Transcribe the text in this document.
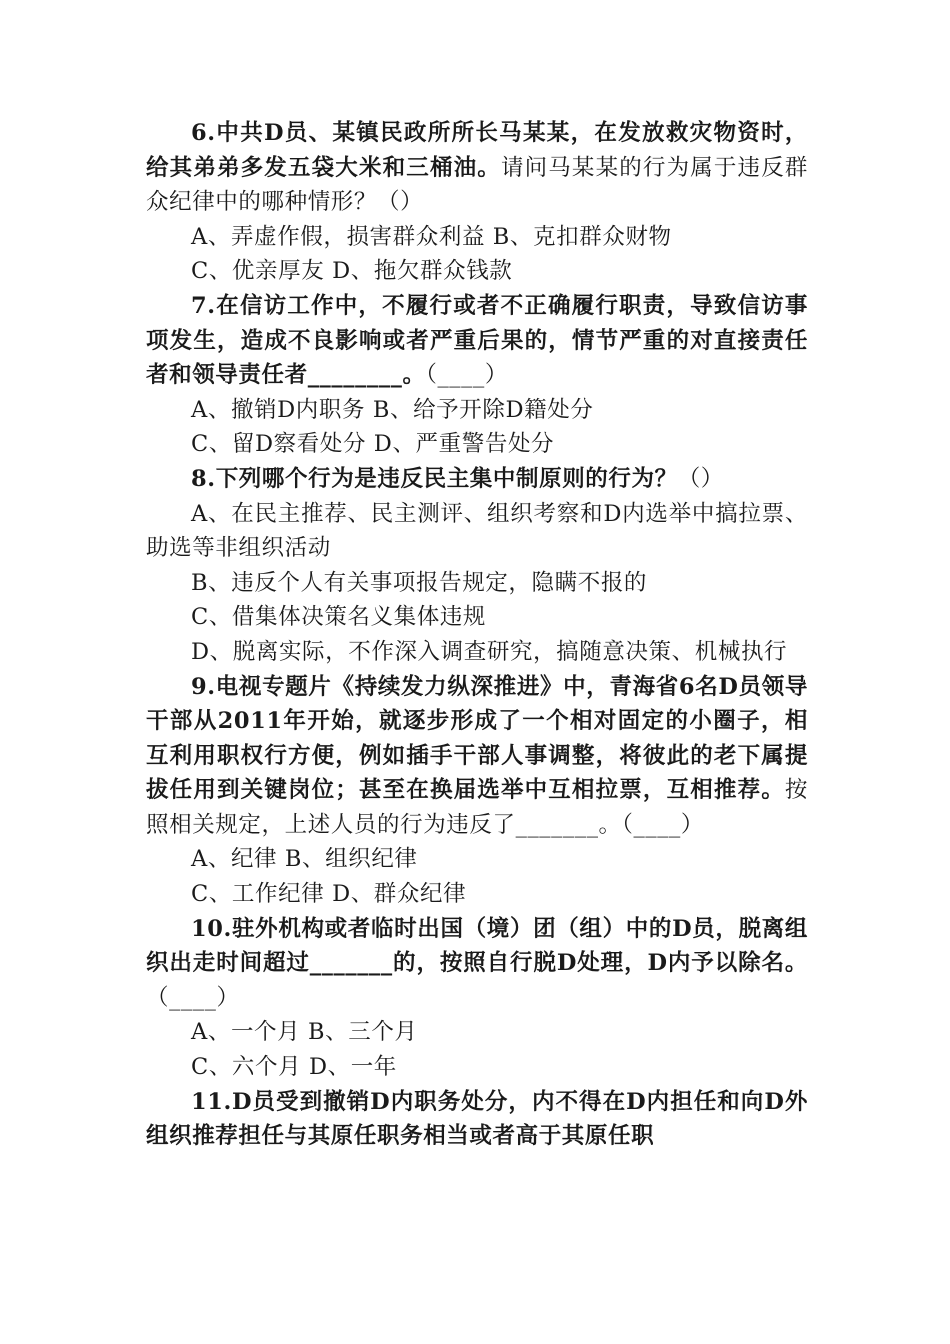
6.中共D员、某镇民政所所长马某某，在发放救灾物资时，给其弟弟多发五袋大米和三桶油。请问马某某的行为属于违反群众纪律中的哪种情形？（）

A、弄虚作假，损害群众利益 B、克扣群众财物

C、优亲厚友 D、拖欠群众钱款

7.在信访工作中，不履行或者不正确履行职责，导致信访事项发生，造成不良影响或者严重后果的，情节严重的对直接责任者和领导责任者________。（____）

A、撤销D内职务 B、给予开除D籍处分

C、留D察看处分 D、严重警告处分

8.下列哪个行为是违反民主集中制原则的行为？（）

A、在民主推荐、民主测评、组织考察和D内选举中搞拉票、助选等非组织活动

B、违反个人有关事项报告规定，隐瞒不报的

C、借集体决策名义集体违规

D、脱离实际，不作深入调查研究，搞随意决策、机械执行

9.电视专题片《持续发力纵深推进》中，青海省6名D员领导干部从2011年开始，就逐步形成了一个相对固定的小圈子，相互利用职权行方便，例如插手干部人事调整，将彼此的老下属提拔任用到关键岗位；甚至在换届选举中互相拉票，互相推荐。按照相关规定，上述人员的行为违反了_______。（____）

A、纪律 B、组织纪律

C、工作纪律 D、群众纪律

10.驻外机构或者临时出国（境）团（组）中的D员，脱离组织出走时间超过_______的，按照自行脱D处理，D内予以除名。（____）

A、一个月 B、三个月

C、六个月 D、一年

11.D员受到撤销D内职务处分，内不得在D内担任和向D外组织推荐担任与其原任职务相当或者高于其原任职
